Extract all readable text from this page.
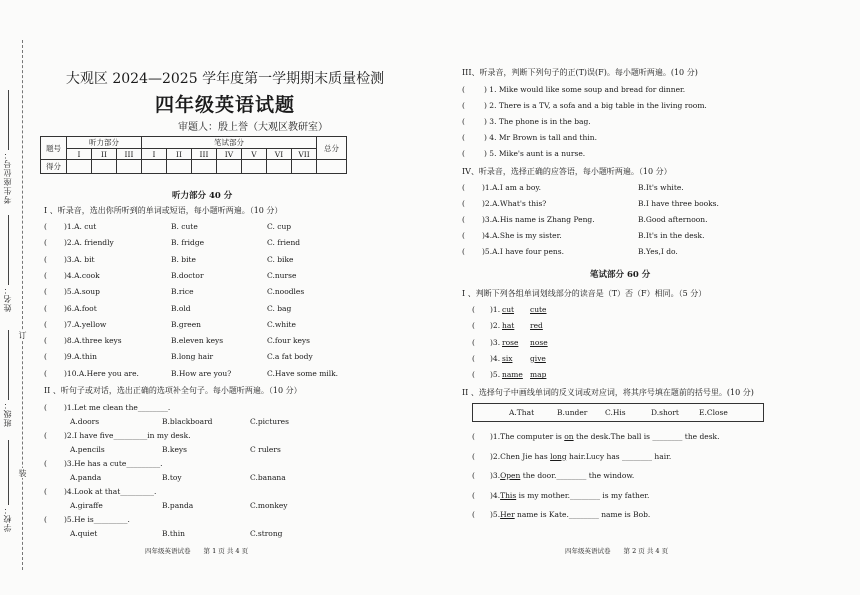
考生座位号：
姓名：
班级：
学校：
订
装
大观区 2024—2025 学年度第一学期期末质量检测
四年级英语试题
审题人：殷上誉（大观区教研室）
题号	听力部分			笔试部分							总分
	I	II	III	I	II	III	IV	V	VI	VII	
得分											
听力部分 40 分
I 、听录音，选出你所听到的单词或短语，每小题听两遍。（10 分）
( )1.A. cut	B. cute	C. cup
( )2.A. friendly	B. fridge	C. friend
( )3.A. bit	B. bite	C. bike
( )4.A.cook	B.doctor	C.nurse
( )5.A.soup	B.rice	C.noodles
( )6.A.foot	B.old	C. bag
( )7.A.yellow	B.green	C.white
( )8.A.three keys	B.eleven keys	C.four keys
( )9.A.thin	B.long hair	C.a fat body
( )10.A.Here you are.	B.How are you?	C.Have some milk.
II 、听句子或对话，选出正确的选项补全句子。每小题听两遍。（10 分）
( )1.Let me clean the________.
A.doors	B.blackboard	C.pictures
( )2.I have five_________in my desk.
A.pencils	B.keys	C rulers
( )3.He has a cute_________.
A.panda	B.toy	C.banana
( )4.Look at that_________.
A.giraffe	B.panda	C.monkey
( )5.He is_________.
A.quiet	B.thin	C.strong
四年级英语试卷　　第 1 页 共 4 页
III、听录音，判断下列句子的正(T)误(F)。每小题听两遍。(10 分)
(	) 1. Mike would like some soup and bread for dinner.
(	) 2. There is a TV, a sofa and a big table in the living room.
(	) 3. The phone is in the bag.
(	) 4. Mr Brown is tall and thin.
(	) 5. Mike's aunt is a nurse.
IV、听录音，选择正确的应答语，每小题听两遍。（10 分）
( )1.A.I am a boy.	B.It's white.
( )2.A.What's this?	B.I have three books.
( )3.A.His name is Zhang Peng.	B.Good afternoon.
( )4.A.She is my sister.	B.It's in the desk.
( )5.A.I have four pens.	B.Yes,I do.
笔试部分 60 分
I 、判断下列各组单词划线部分的读音是（T）否（F）相同。（5 分）
( )1. cut cute
( )2. hat red
( )3. rose nose
( )4. six give
( )5. name map
II 、选择句子中画线单词的反义词或对应词，将其序号填在题前的括号里。(10 分)
A.That	B.under C.His	D.short	E.Close
( )1.The computer is on the desk.The ball is ________ the desk.
( )2.Chen Jie has long hair.Lucy has ________ hair.
( )3.Open the door.________ the window.
( )4.This is my mother.________ is my father.
( )5.Her name is Kate.________ name is Bob.
四年级英语试卷　　第 2 页 共 4 页
